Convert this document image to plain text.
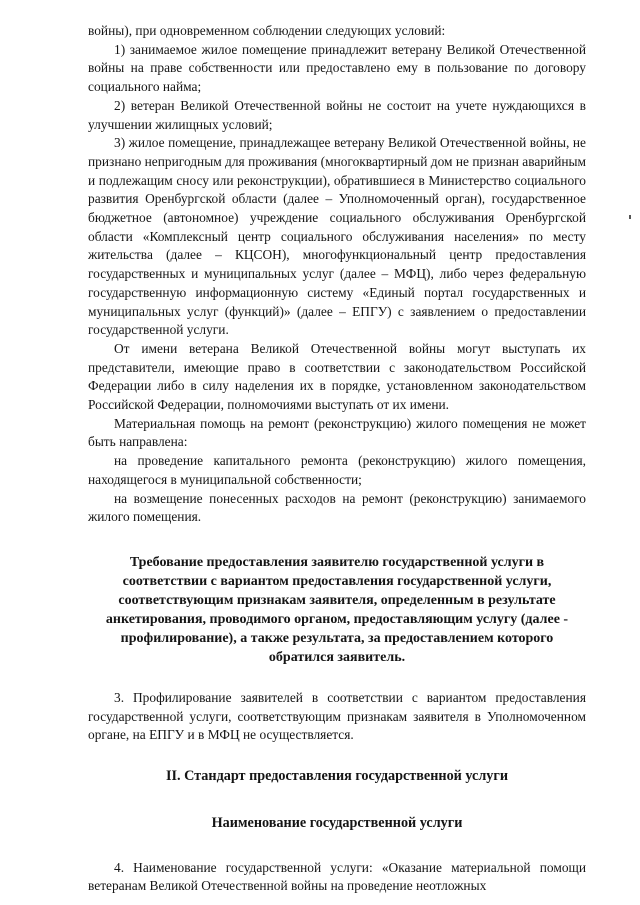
войны), при одновременном соблюдении следующих условий:

1) занимаемое жилое помещение принадлежит ветерану Великой Отечественной войны на праве собственности или предоставлено ему в пользование по договору социального найма;

2) ветеран Великой Отечественной войны не состоит на учете нуждающихся в улучшении жилищных условий;

3) жилое помещение, принадлежащее ветерану Великой Отечественной войны, не признано непригодным для проживания (многоквартирный дом не признан аварийным и подлежащим сносу или реконструкции), обратившиеся в Министерство социального развития Оренбургской области (далее – Уполномоченный орган), государственное бюджетное (автономное) учреждение социального обслуживания Оренбургской области «Комплексный центр социального обслуживания населения» по месту жительства (далее – КЦСОН), многофункциональный центр предоставления государственных и муниципальных услуг (далее – МФЦ), либо через федеральную государственную информационную систему «Единый портал государственных и муниципальных услуг (функций)» (далее – ЕПГУ) с заявлением о предоставлении государственной услуги.

От имени ветерана Великой Отечественной войны могут выступать их представители, имеющие право в соответствии с законодательством Российской Федерации либо в силу наделения их в порядке, установленном законодательством Российской Федерации, полномочиями выступать от их имени.

Материальная помощь на ремонт (реконструкцию) жилого помещения не может быть направлена:

на проведение капитального ремонта (реконструкцию) жилого помещения, находящегося в муниципальной собственности;

на возмещение понесенных расходов на ремонт (реконструкцию) занимаемого жилого помещения.

Требование предоставления заявителю государственной услуги в соответствии с вариантом предоставления государственной услуги, соответствующим признакам заявителя, определенным в результате анкетирования, проводимого органом, предоставляющим услугу (далее - профилирование), а также результата, за предоставлением которого обратился заявитель.

3. Профилирование заявителей в соответствии с вариантом предоставления государственной услуги, соответствующим признакам заявителя в Уполномоченном органе, на ЕПГУ и в МФЦ не осуществляется.

II. Стандарт предоставления государственной услуги

Наименование государственной услуги

4. Наименование государственной услуги: «Оказание материальной помощи ветеранам Великой Отечественной войны на проведение неотложных
